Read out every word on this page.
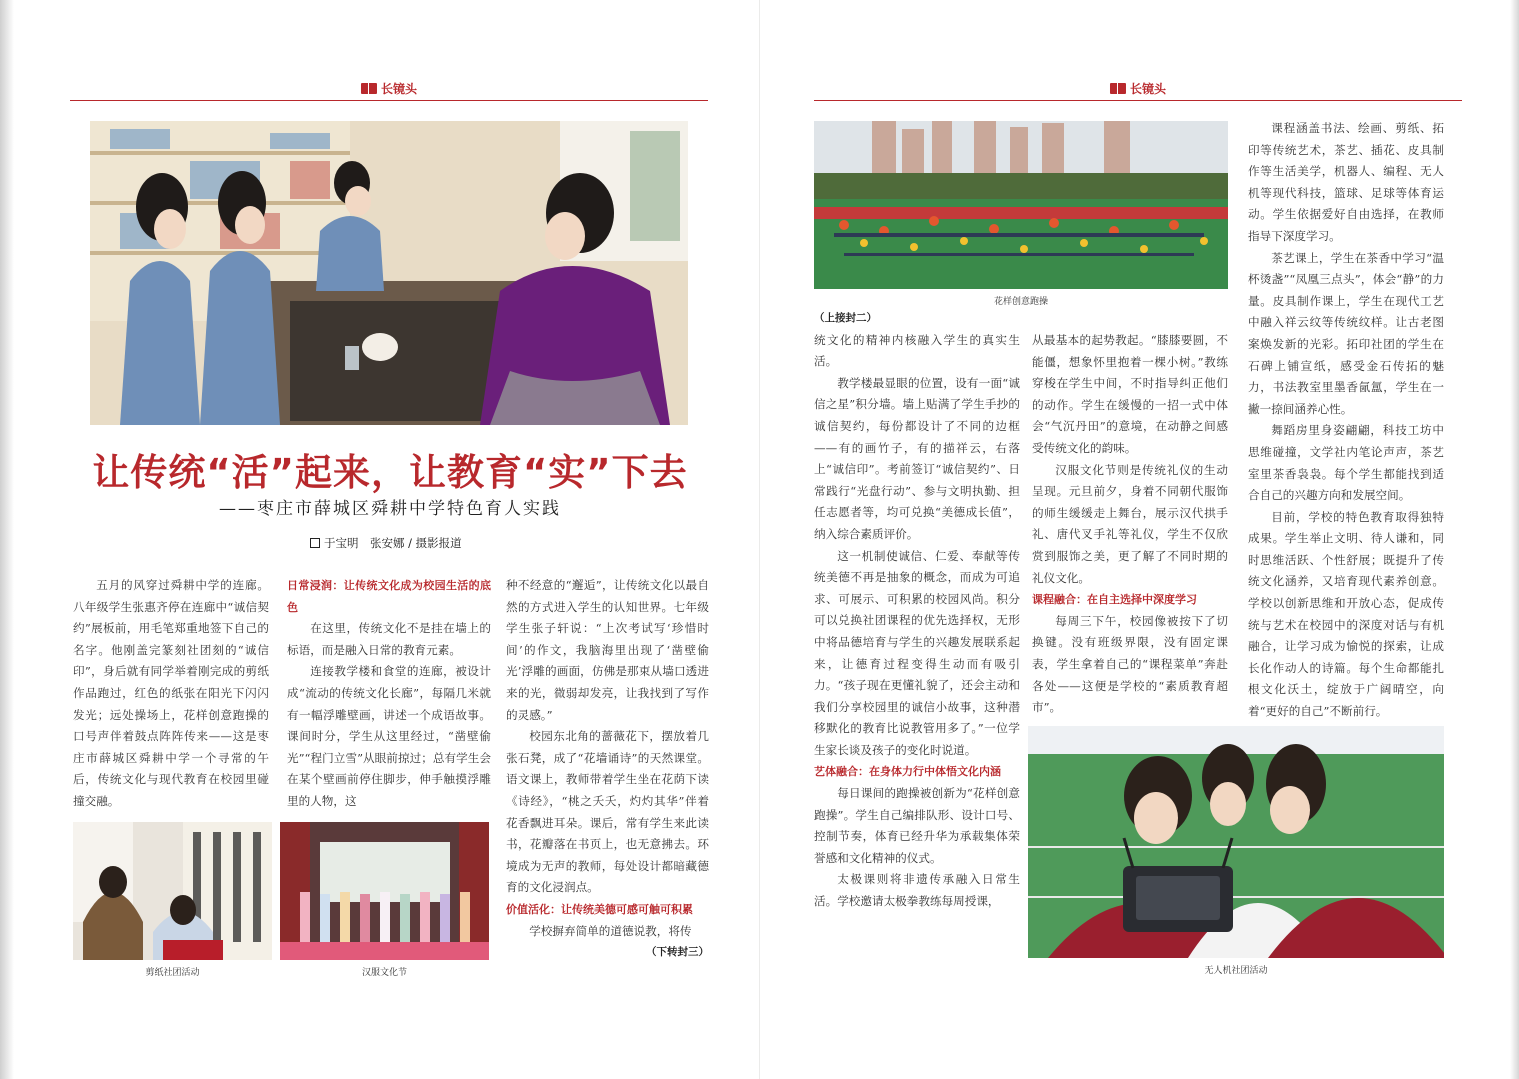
长镜头
让传统“活”起来，让教育“实”下去
——枣庄市薛城区舜耕中学特色育人实践
于宝明　张安娜 / 摄影报道

五月的风穿过舜耕中学的连廊。八年级学生张惠齐停在连廊中“诚信契约”展板前，用毛笔郑重地签下自己的名字。他刚盖完篆刻社团刻的“诚信印”，身后就有同学举着刚完成的剪纸作品跑过，红色的纸张在阳光下闪闪发光；远处操场上，花样创意跑操的口号声伴着鼓点阵阵传来——这是枣庄市薛城区舜耕中学一个寻常的午后，传统文化与现代教育在校园里碰撞交融。

日常浸润：让传统文化成为校园生活的底色

在这里，传统文化不是挂在墙上的标语，而是融入日常的教育元素。

连接教学楼和食堂的连廊，被设计成“流动的传统文化长廊”，每隔几米就有一幅浮雕壁画，讲述一个成语故事。课间时分，学生从这里经过，“凿壁偷光”“程门立雪”从眼前掠过；总有学生会在某个壁画前停住脚步，伸手触摸浮雕里的人物，这

种不经意的“邂逅”，让传统文化以最自然的方式进入学生的认知世界。七年级学生张子轩说：“上次考试写‘珍惜时间’的作文，我脑海里出现了‘凿壁偷光’浮雕的画面，仿佛是那束从墙口透进来的光，微弱却发亮，让我找到了写作的灵感。”

校园东北角的蔷薇花下，摆放着几张石凳，成了“花墙诵诗”的天然课堂。语文课上，教师带着学生坐在花荫下读《诗经》，“桃之夭夭，灼灼其华”伴着花香飘进耳朵。课后，常有学生来此读书，花瓣落在书页上，也无意拂去。环境成为无声的教师，每处设计都暗藏德育的文化浸润点。

价值活化：让传统美德可感可触可积累

学校摒弃简单的道德说教，将传

（下转封三）

剪纸社团活动	汉服文化节
长镜头
花样创意跑操

（上接封二）

统文化的精神内核融入学生的真实生活。

教学楼最显眼的位置，设有一面“诚信之星”积分墙。墙上贴满了学生手抄的诚信契约，每份都设计了不同的边框——有的画竹子，有的描祥云，右落上“诚信印”。考前签订“诚信契约”、日常践行“光盘行动”、参与文明执勤、担任志愿者等，均可兑换“美德成长值”，纳入综合素质评价。

这一机制使诚信、仁爱、奉献等传统美德不再是抽象的概念，而成为可追求、可展示、可积累的校园风尚。积分可以兑换社团课程的优先选择权，无形中将品德培育与学生的兴趣发展联系起来，让德育过程变得生动而有吸引力。“孩子现在更懂礼貌了，还会主动和我们分享校园里的诚信小故事，这种潜移默化的教育比说教管用多了。”一位学生家长谈及孩子的变化时说道。

艺体融合：在身体力行中体悟文化内涵

每日课间的跑操被创新为“花样创意跑操”。学生自己编排队形、设计口号、控制节奏，体育已经升华为承载集体荣誉感和文化精神的仪式。

太极课则将非遗传承融入日常生活。学校邀请太极拳教练每周授课，

从最基本的起势教起。“膝膝要圆，不能僵，想象怀里抱着一棵小树。”教练穿梭在学生中间，不时指导纠正他们的动作。学生在缓慢的一招一式中体会“气沉丹田”的意境，在动静之间感受传统文化的韵味。

汉服文化节则是传统礼仪的生动呈现。元旦前夕，身着不同朝代服饰的师生缓缓走上舞台，展示汉代拱手礼、唐代叉手礼等礼仪，学生不仅欣赏到服饰之美，更了解了不同时期的礼仪文化。

课程融合：在自主选择中深度学习

每周三下午，校园像被按下了切换键。没有班级界限，没有固定课表，学生拿着自己的“课程菜单”奔赴各处——这便是学校的“素质教育超市”。

课程涵盖书法、绘画、剪纸、拓印等传统艺术，茶艺、插花、皮具制作等生活美学，机器人、编程、无人机等现代科技，篮球、足球等体育运动。学生依据爱好自由选择，在教师指导下深度学习。

茶艺课上，学生在茶香中学习“温杯烫盏”“凤凰三点头”，体会“静”的力量。皮具制作课上，学生在现代工艺中融入祥云纹等传统纹样。让古老图案焕发新的光彩。拓印社团的学生在石碑上铺宣纸，感受金石传拓的魅力，书法教室里墨香氤氲，学生在一撇一捺间涵养心性。

舞蹈房里身姿翩翩，科技工坊中思维碰撞，文学社内笔论声声，茶艺室里茶香袅袅。每个学生都能找到适合自己的兴趣方向和发展空间。

目前，学校的特色教育取得独特成果。学生举止文明、待人谦和，同时思维活跃、个性舒展；既提升了传统文化涵养，又培育现代素养创意。学校以创新思维和开放心态，促成传统与艺术在校园中的深度对话与有机融合，让学习成为愉悦的探索，让成长化作动人的诗篇。每个生命都能扎根文化沃土，绽放于广阔晴空，向着“更好的自己”不断前行。

无人机社团活动
